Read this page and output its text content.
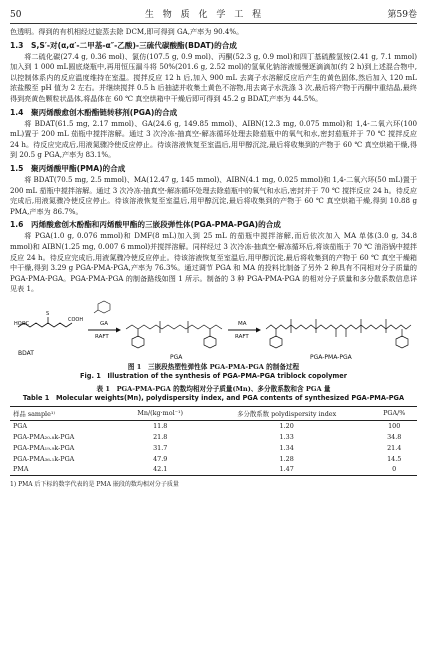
50	生 物 质 化 学 工 程	第59卷

色透明。得到的有机相经过旋蒸去除 DCM,即可得到 GA,产率为 90.4%。

1.3　S,S′-对(α,α′-二甲基-α″-乙酸)-三硫代碳酸酯(BDAT)的合成

将二硫化碳(27.4 g, 0.36 mol)、氯仿(107.5 g, 0.9 mol)、丙酮(52.3 g, 0.9 mol)和四丁基硫酸氢铵(2.41 g, 7.1 mmol)加入到 1 000 mL圆底烧瓶中,再用恒压漏斗将 50%(201.6 g, 2.52 mol)的氢氧化钠溶液缓慢逐滴滴加(约 2 h)到上述混合物中,以控制体系内的反应温度维持在室温。搅拌反应 12 h 后,加入 900 mL 去离子水溶解反应后产生的黄色固体,然后加入 120 mL 浓盐酸至 pH 值为 2 左右。并继续搅拌 0.5 h 后抽滤并收集土黄色不溶物,用去离子水洗涤 3 次,最后将产物于丙酮中重结晶,最终得到亮黄色颗粒状晶体,将晶体在 60 ℃ 真空烘箱中干燥后即可得到 45.2 g BDAT,产率为 44.5%。

1.4　聚丙烯酸愈创木酚酯链转移剂(PGA)的合成

将 BDAT(61.5 mg, 2.17 mmol)、GA(24.6 g, 149.85 mmol)、AIBN(12.3 mg, 0.075 mmol)和 1,4-二氧六环(100 mL)置于 200 mL 茄瓶中搅拌溶解。通过 3 次冷冻-抽真空-解冻循环处理去除茄瓶中的氧气和水,密封茄瓶并于 70 ℃ 搅拌反应 24 h。待反应完成后,用液氮骤冷使反应停止。待该溶液恢复至室温后,用甲醇沉淀,最后将收集到的产物于 60 ℃ 真空烘箱干燥,得到 20.5 g PGA,产率为 83.1%。

1.5　聚丙烯酸甲酯(PMA)的合成

将 BDAT(70.5 mg, 2.5 mmol)、MA(12.47 g, 145 mmol)、AIBN(4.1 mg, 0.025 mmol)和 1,4-二氧六环(50 mL)置于 200 mL 茄瓶中搅拌溶解。通过 3 次冷冻-抽真空-解冻循环处理去除茄瓶中的氧气和水后,密封并于 70 ℃ 搅拌反应 24 h。待反应完成后,用液氮骤冷使反应停止。待该溶液恢复至室温后,用甲醇沉淀,最后将收集到的产物于 60 ℃ 真空烘箱干燥,得到 10.88 g PMA,产率为 86.7%。

1.6　丙烯酸愈创木酚酯和丙烯酸甲酯的三嵌段弹性体(PGA-PMA-PGA)的合成

将 PGA(1.0 g, 0.076 mmol)和 DMF(8 mL)加入到 25 mL 的茄瓶中搅拌溶解,而后依次加入 MA 单体(3.0 g, 34.8 mmol)和 AIBN(1.25 mg, 0.007 6 mmol)并搅拌溶解。同样经过 3 次冷冻-抽真空-解冻循环后,将该茄瓶于 70 ℃ 油浴锅中搅拌反应 24 h。待反应完成后,用液氮骤冷使反应停止。待该溶液恢复至室温后,用甲醇沉淀,最后将收集到的产物于 60 ℃ 真空干燥箱中干燥,得到 3.29 g PGA-PMA-PGA,产率为 76.3%。通过调节 PGA 和 MA 的投料比制备了另外 2 种具有不同相对分子质量的 PGA-PMA-PGA。PGA-PMA-PGA 的制备路线如图 1 所示。制备的 3 种 PGA-PMA-PGA 的相对分子质量和多分散系数信息详见表 1。

HOOC
COOH
S
BDAT
GA
RAFT
PGA
MA
RAFT
PGA-PMA-PGA
图 1　三嵌段热塑性弹性体 PGA-PMA-PGA 的制备过程
Fig. 1　Illustration of the synthesis of PGA-PMA-PGA triblock copolymer
表 1　PGA-PMA-PGA 的数均相对分子质量(Mn)、多分散系数和含 PGA 量
Table 1　Molecular weights(Mn), polydispersity index, and PGA contents of synthesized PGA-PMA-PGA
样品 sample¹⁾	Mn/(kg·mol⁻¹)	多分散系数 polydispersity index	PGA/%
PGA	11.8	1.20	100
PGA-PMA₂₀.₈k-PGA	21.8	1.33	34.8
PGA-PMA₁₉.₉k-PGA	31.7	1.34	21.4
PGA-PMA₃₆.₁k-PGA	47.9	1.28	14.5
PMA	42.1	1.47	0
1) PMA 后下标的数字代表的是 PMA 嵌段的数均相对分子质量
